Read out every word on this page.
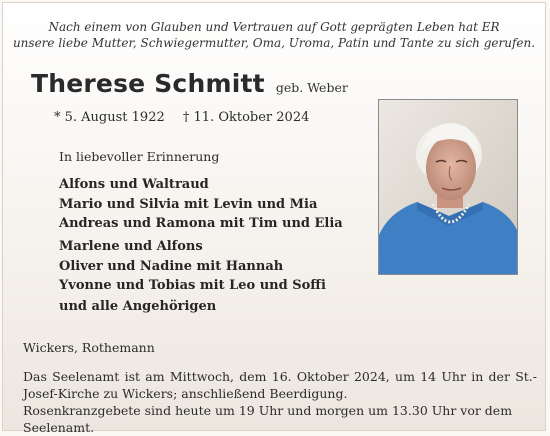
Nach einem von Glauben und Vertrauen auf Gott geprägten Leben hat ER
unsere liebe Mutter, Schwiegermutter, Oma, Uroma, Patin und Tante zu sich gerufen.
Therese Schmitt geb. Weber
* 5. August 1922 † 11. Oktober 2024
In liebevoller Erinnerung
Alfons und Waltraud
Mario und Silvia mit Levin und Mia
Andreas und Ramona mit Tim und Elia
Marlene und Alfons
Oliver und Nadine mit Hannah
Yvonne und Tobias mit Leo und Soffi
und alle Angehörigen
Wickers, Rothemann

Das Seelenamt ist am Mittwoch, dem 16. Oktober 2024, um 14 Uhr in der St.-Josef-Kirche zu Wickers; anschließend Beerdigung.

Rosenkranzgebete sind heute um 19 Uhr und morgen um 13.30 Uhr vor dem Seelenamt.
